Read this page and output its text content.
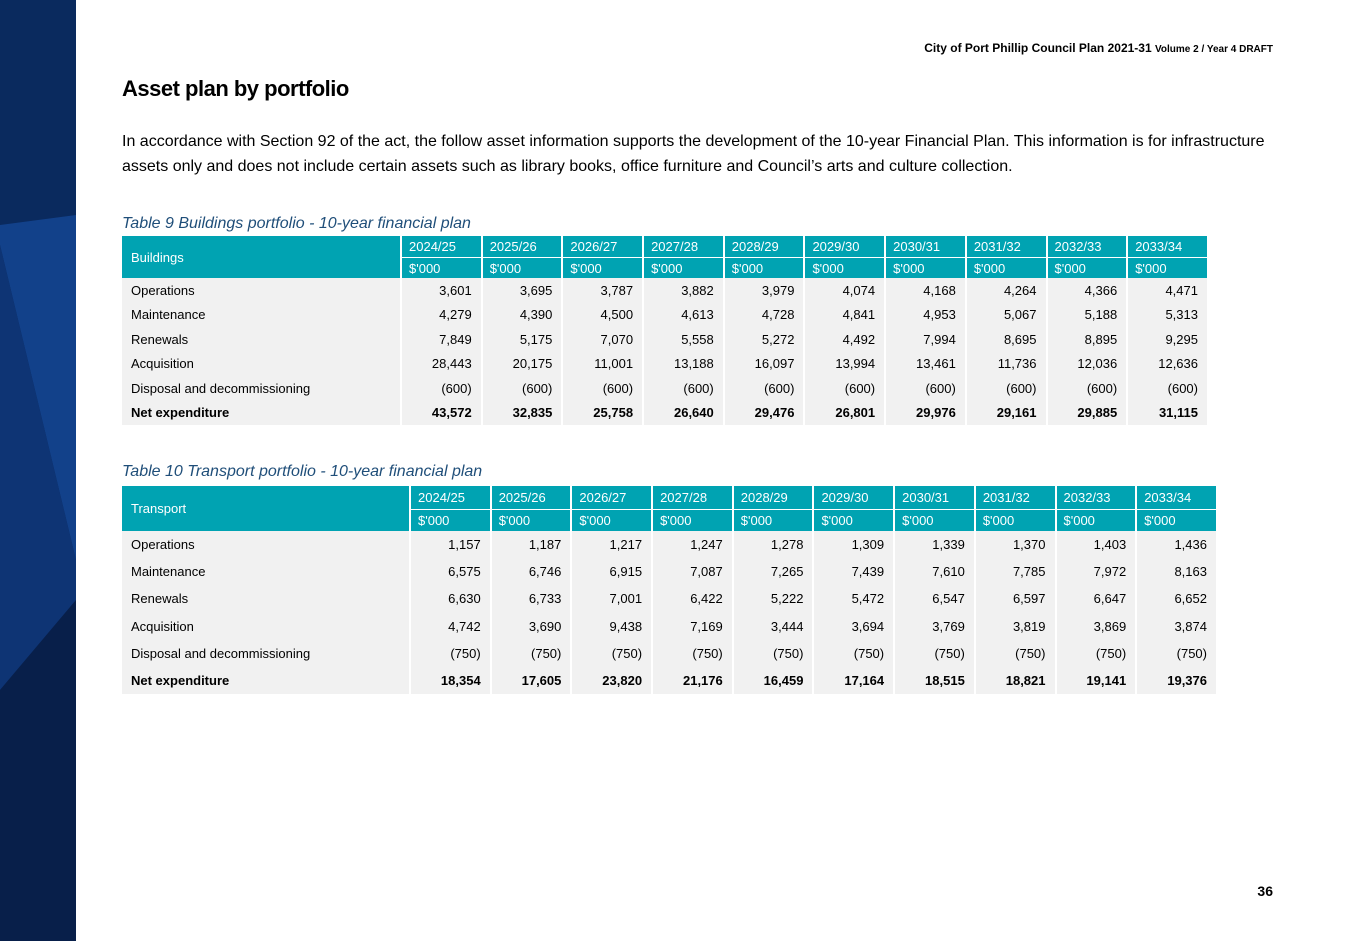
City of Port Phillip Council Plan 2021-31 Volume 2 / Year 4 DRAFT
Asset plan by portfolio

In accordance with Section 92 of the act, the follow asset information supports the development of the 10-year Financial Plan. This information is for infrastructure assets only and does not include certain assets such as library books, office furniture and Council’s arts and culture collection.

Table 9 Buildings portfolio - 10-year financial plan

Buildings	2024/25	2025/26	2026/27	2027/28	2028/29	2029/30	2030/31	2031/32	2032/33	2033/34
	$'000	$'000	$'000	$'000	$'000	$'000	$'000	$'000	$'000	$'000
Operations	3,601	3,695	3,787	3,882	3,979	4,074	4,168	4,264	4,366	4,471
Maintenance	4,279	4,390	4,500	4,613	4,728	4,841	4,953	5,067	5,188	5,313
Renewals	7,849	5,175	7,070	5,558	5,272	4,492	7,994	8,695	8,895	9,295
Acquisition	28,443	20,175	11,001	13,188	16,097	13,994	13,461	11,736	12,036	12,636
Disposal and decommissioning	(600)	(600)	(600)	(600)	(600)	(600)	(600)	(600)	(600)	(600)
Net expenditure	43,572	32,835	25,758	26,640	29,476	26,801	29,976	29,161	29,885	31,115

Table 10 Transport portfolio - 10-year financial plan

Transport	2024/25	2025/26	2026/27	2027/28	2028/29	2029/30	2030/31	2031/32	2032/33	2033/34
	$'000	$'000	$'000	$'000	$'000	$'000	$'000	$'000	$'000	$'000
Operations	1,157	1,187	1,217	1,247	1,278	1,309	1,339	1,370	1,403	1,436
Maintenance	6,575	6,746	6,915	7,087	7,265	7,439	7,610	7,785	7,972	8,163
Renewals	6,630	6,733	7,001	6,422	5,222	5,472	6,547	6,597	6,647	6,652
Acquisition	4,742	3,690	9,438	7,169	3,444	3,694	3,769	3,819	3,869	3,874
Disposal and decommissioning	(750)	(750)	(750)	(750)	(750)	(750)	(750)	(750)	(750)	(750)
Net expenditure	18,354	17,605	23,820	21,176	16,459	17,164	18,515	18,821	19,141	19,376
36
